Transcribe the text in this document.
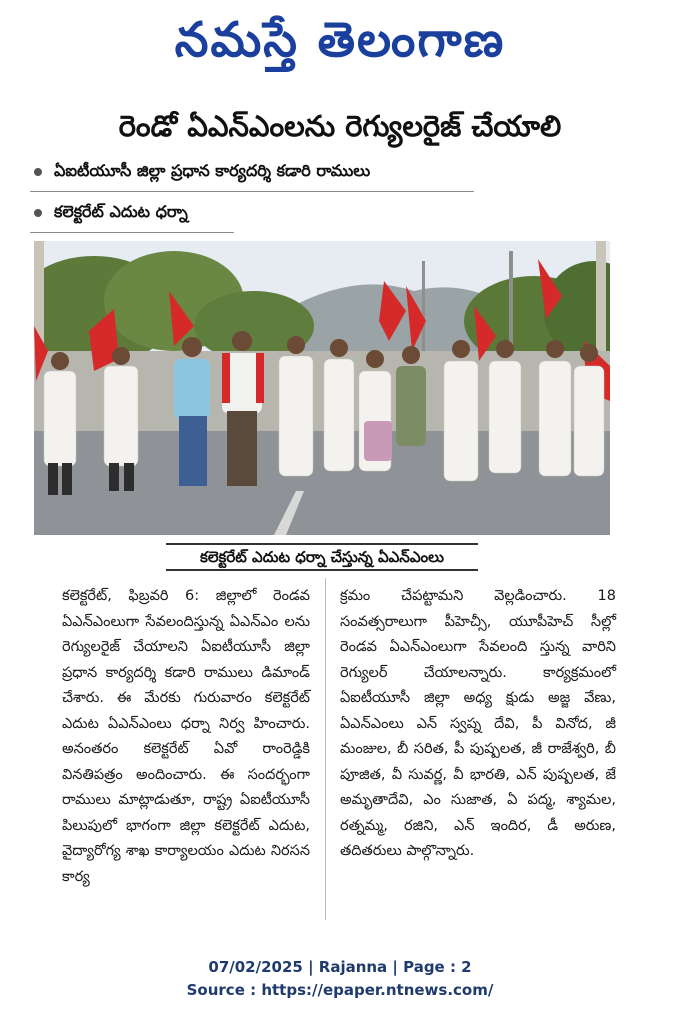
నమస్తే తెలంగాణ
రెండో ఏఎన్ఎంలను రెగ్యులరైజ్ చేయాలి
ఏఐటీయూసీ జిల్లా ప్రధాన కార్యదర్శి కడారి రాములు
కలెక్టరేట్ ఎదుట ధర్నా
కలెక్టరేట్ ఎదుట ధర్నా చేస్తున్న ఏఎన్ఎంలు
కలెక్టరేట్, ఫిబ్రవరి 6: జిల్లాలో రెండవ ఏఎన్ఎంలుగా సేవలందిస్తున్న ఏఎన్ఎం లను రెగ్యులరైజ్ చేయాలని ఏఐటీయూసీ జిల్లా ప్రధాన కార్యదర్శి కడారి రాములు డిమాండ్ చేశారు. ఈ మేరకు గురువారం కలెక్టరేట్ ఎదుట ఏఎన్ఎంలు ధర్నా నిర్వ హించారు. అనంతరం కలెక్టరేట్ ఏవో రాంరెడ్డికి వినతిపత్రం అందించారు. ఈ సందర్భంగా రాములు మాట్లాడుతూ, రాష్ట్ర ఏఐటీయూసీ పిలుపులో భాగంగా జిల్లా కలెక్టరేట్ ఎదుట, వైద్యారోగ్య శాఖ కార్యాలయం ఎదుట నిరసన కార్య
క్రమం చేపట్టామని వెల్లడించారు. 18 సంవత్సరాలుగా పీహెచ్సీ, యూపీహెచ్ సీల్లో రెండవ ఏఎన్ఎంలుగా సేవలంది స్తున్న వారిని రెగ్యులర్ చేయాలన్నారు. కార్యక్రమంలో ఏఐటీయూసీ జిల్లా అధ్య క్షుడు అజ్జ వేణు, ఏఎన్ఎంలు ఎన్ స్వప్న దేవి, పీ వినోద, జీ మంజుల, బీ సరిత, పీ పుష్పలత, జీ రాజేశ్వరి, బీ పూజిత, వీ సువర్ణ, వీ భారతి, ఎన్ పుష్పలత, జే అమృతాదేవి, ఎం సుజాత, ఏ పద్మ, శ్యామల, రత్నమ్మ, రజిని, ఎన్ ఇందిర, డీ అరుణ, తదితరులు పాల్గొన్నారు.
07/02/2025 | Rajanna | Page : 2
Source : https://epaper.ntnews.com/
